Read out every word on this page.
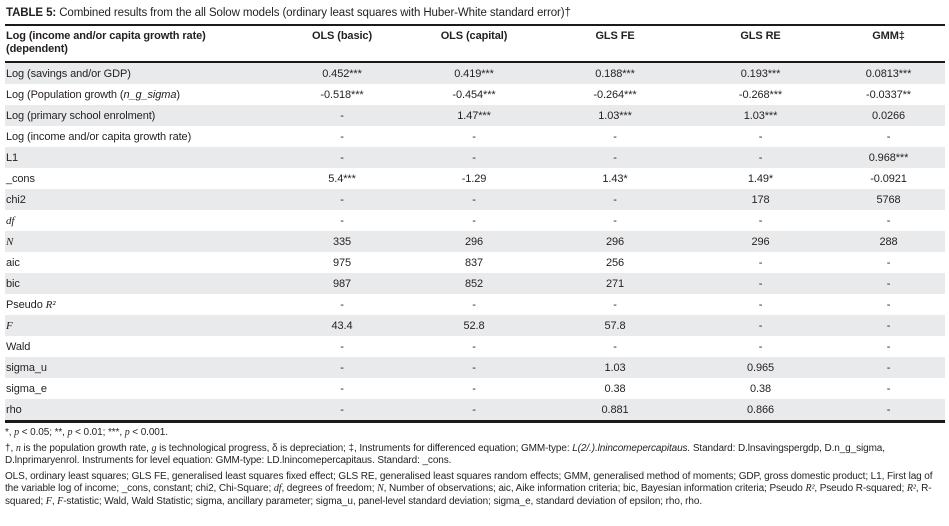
TABLE 5: Combined results from the all Solow models (ordinary least squares with Huber-White standard error)†
Log (income and/or capita growth rate)
(dependent)	OLS (basic)	OLS (capital)	GLS FE	GLS RE	GMM‡
Log (savings and/or GDP)	0.452***	0.419***	0.188***	0.193***	0.0813***
Log (Population growth (n_g_sigma)	-0.518***	-0.454***	-0.264***	-0.268***	-0.0337**
Log (primary school enrolment)	-	1.47***	1.03***	1.03***	0.0266
Log (income and/or capita growth rate)	-	-	-	-	-
L1	-	-	-	-	0.968***
_cons	5.4***	-1.29	1.43*	1.49*	-0.0921
chi2	-	-	-	178	5768
df	-	-	-	-	-
N	335	296	296	296	288
aic	975	837	256	-	-
bic	987	852	271	-	-
Pseudo R²	-	-	-	-	-
F	43.4	52.8	57.8	-	-
Wald	-	-	-	-	-
sigma_u	-	-	1.03	0.965	-
sigma_e	-	-	0.38	0.38	-
rho	-	-	0.881	0.866	-

*, p < 0.05; **, p < 0.01; ***, p < 0.001.

†, n is the population growth rate, g is technological progress, δ is depreciation; ‡, Instruments for differenced equation; GMM-type: L(2/.).lnincomepercapitaus. Standard: D.lnsavingspergdp, D.n_g_sigma, D.lnprimaryenrol. Instruments for level equation: GMM-type: LD.lnincomepercapitaus. Standard: _cons.

OLS, ordinary least squares; GLS FE, generalised least squares fixed effect; GLS RE, generalised least squares random effects; GMM, generalised method of moments; GDP, gross domestic product; L1, First lag of the variable log of income; _cons, constant; chi2, Chi-Square; df, degrees of freedom; N, Number of observations; aic, Aike information criteria; bic, Bayesian information criteria; Pseudo R², Pseudo R-squared; R², R-squared; F, F-statistic; Wald, Wald Statistic; sigma, ancillary parameter; sigma_u, panel-level standard deviation; sigma_e, standard deviation of epsilon; rho, rho.
